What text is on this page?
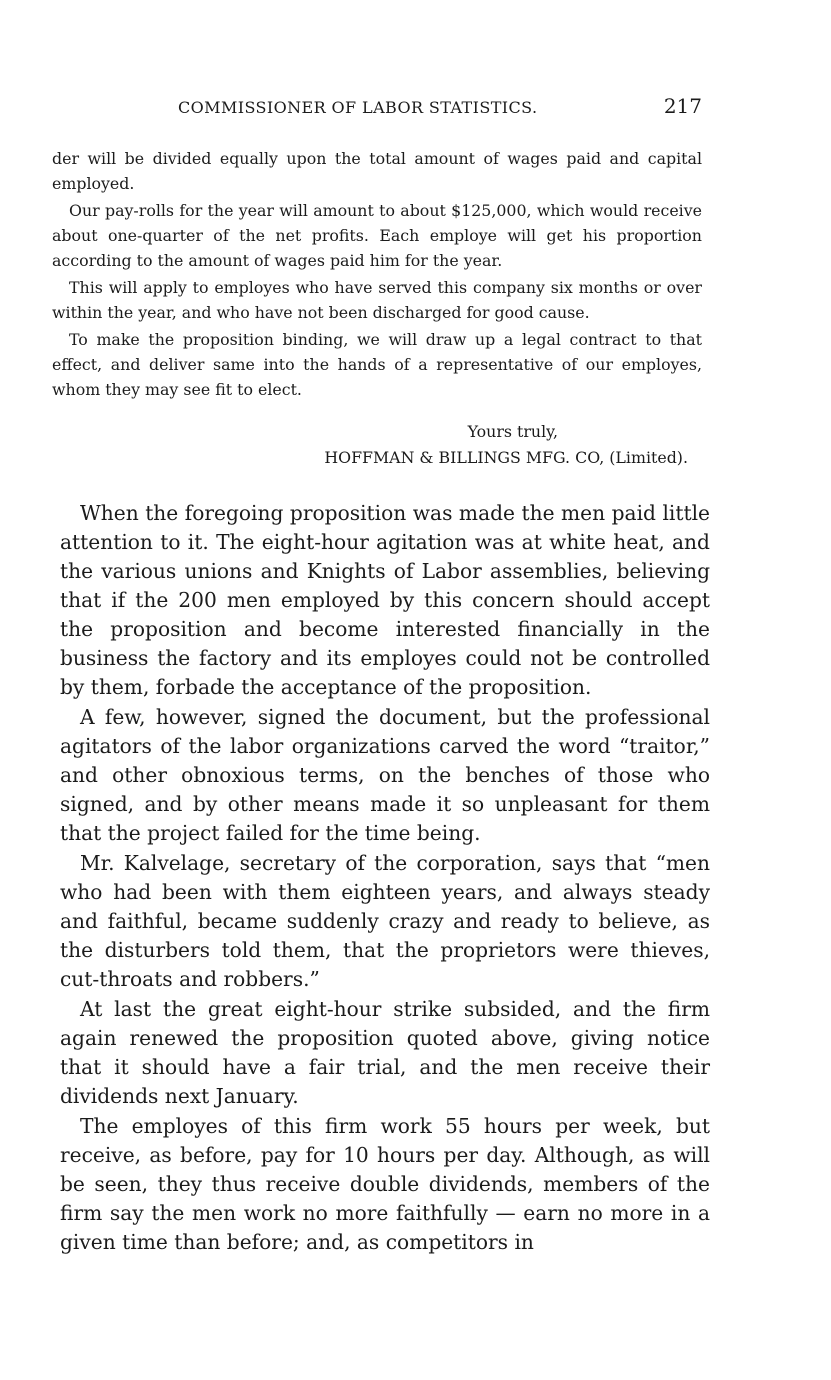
COMMISSIONER OF LABOR STATISTICS.	217

der will be divided equally upon the total amount of wages paid and capital employed.

Our pay-rolls for the year will amount to about $125,000, which would receive about one-quarter of the net profits. Each employe will get his proportion according to the amount of wages paid him for the year.

This will apply to employes who have served this company six months or over within the year, and who have not been discharged for good cause.

To make the proposition binding, we will draw up a legal contract to that effect, and deliver same into the hands of a representative of our employes, whom they may see fit to elect.

Yours truly,
HOFFMAN & BILLINGS MFG. CO, (Limited).

When the foregoing proposition was made the men paid little attention to it. The eight-hour agitation was at white heat, and the various unions and Knights of Labor assemblies, believing that if the 200 men employed by this concern should accept the proposition and become interested financially in the business the factory and its employes could not be controlled by them, forbade the acceptance of the proposition.

A few, however, signed the document, but the professional agitators of the labor organizations carved the word “traitor,” and other obnoxious terms, on the benches of those who signed, and by other means made it so unpleasant for them that the project failed for the time being.

Mr. Kalvelage, secretary of the corporation, says that “men who had been with them eighteen years, and always steady and faithful, became suddenly crazy and ready to believe, as the disturbers told them, that the proprietors were thieves, cut-throats and robbers.”

At last the great eight-hour strike subsided, and the firm again renewed the proposition quoted above, giving notice that it should have a fair trial, and the men receive their dividends next January.

The employes of this firm work 55 hours per week, but receive, as before, pay for 10 hours per day. Although, as will be seen, they thus receive double dividends, members of the firm say the men work no more faithfully — earn no more in a given time than before; and, as competitors in
